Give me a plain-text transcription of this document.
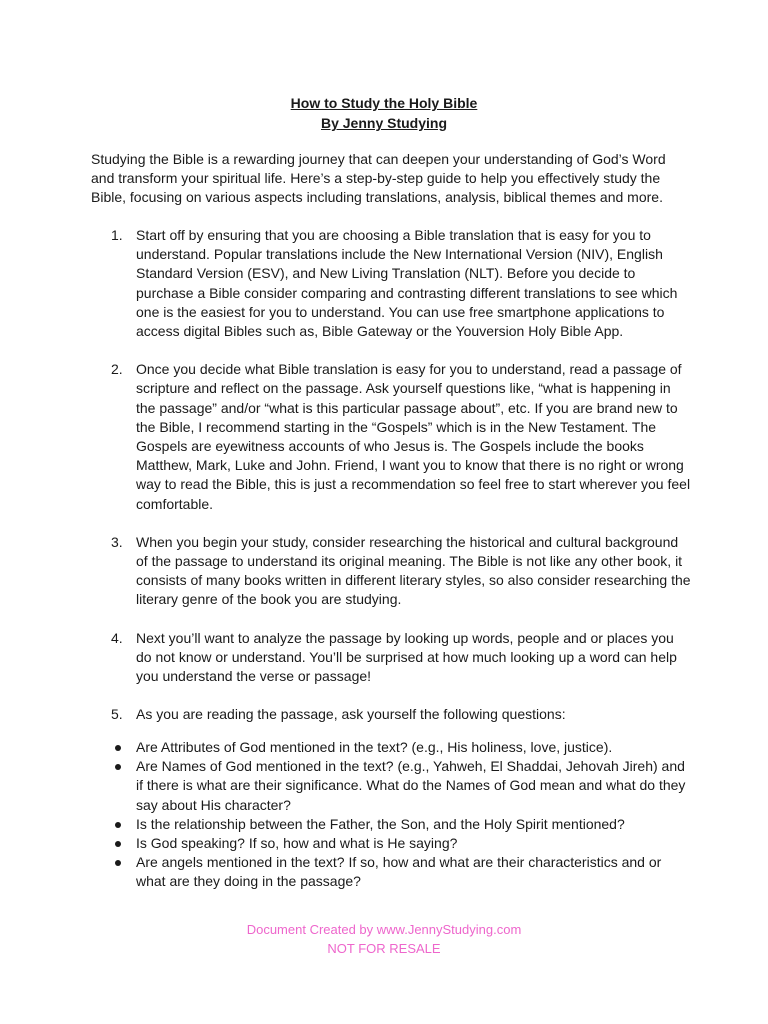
How to Study the Holy Bible
By Jenny Studying

Studying the Bible is a rewarding journey that can deepen your understanding of God’s Word and transform your spiritual life. Here’s a step-by-step guide to help you effectively study the Bible, focusing on various aspects including translations, analysis, biblical themes and more.

1. Start off by ensuring that you are choosing a Bible translation that is easy for you to understand. Popular translations include the New International Version (NIV), English Standard Version (ESV), and New Living Translation (NLT). Before you decide to purchase a Bible consider comparing and contrasting different translations to see which one is the easiest for you to understand. You can use free smartphone applications to access digital Bibles such as, Bible Gateway or the Youversion Holy Bible App.
2. Once you decide what Bible translation is easy for you to understand, read a passage of scripture and reflect on the passage. Ask yourself questions like, “what is happening in the passage” and/or “what is this particular passage about”, etc. If you are brand new to the Bible, I recommend starting in the “Gospels” which is in the New Testament. The Gospels are eyewitness accounts of who Jesus is. The Gospels include the books Matthew, Mark, Luke and John. Friend, I want you to know that there is no right or wrong way to read the Bible, this is just a recommendation so feel free to start wherever you feel comfortable.
3. When you begin your study, consider researching the historical and cultural background of the passage to understand its original meaning. The Bible is not like any other book, it consists of many books written in different literary styles, so also consider researching the literary genre of the book you are studying.
4. Next you’ll want to analyze the passage by looking up words, people and or places you do not know or understand. You’ll be surprised at how much looking up a word can help you understand the verse or passage!
5. As you are reading the passage, ask yourself the following questions:
Are Attributes of God mentioned in the text? (e.g., His holiness, love, justice).
Are Names of God mentioned in the text? (e.g., Yahweh, El Shaddai, Jehovah Jireh) and if there is what are their significance. What do the Names of God mean and what do they say about His character?
Is the relationship between the Father, the Son, and the Holy Spirit mentioned?
Is God speaking? If so, how and what is He saying?
Are angels mentioned in the text? If so, how and what are their characteristics and or what are they doing in the passage?
Document Created by www.JennyStudying.com
NOT FOR RESALE
